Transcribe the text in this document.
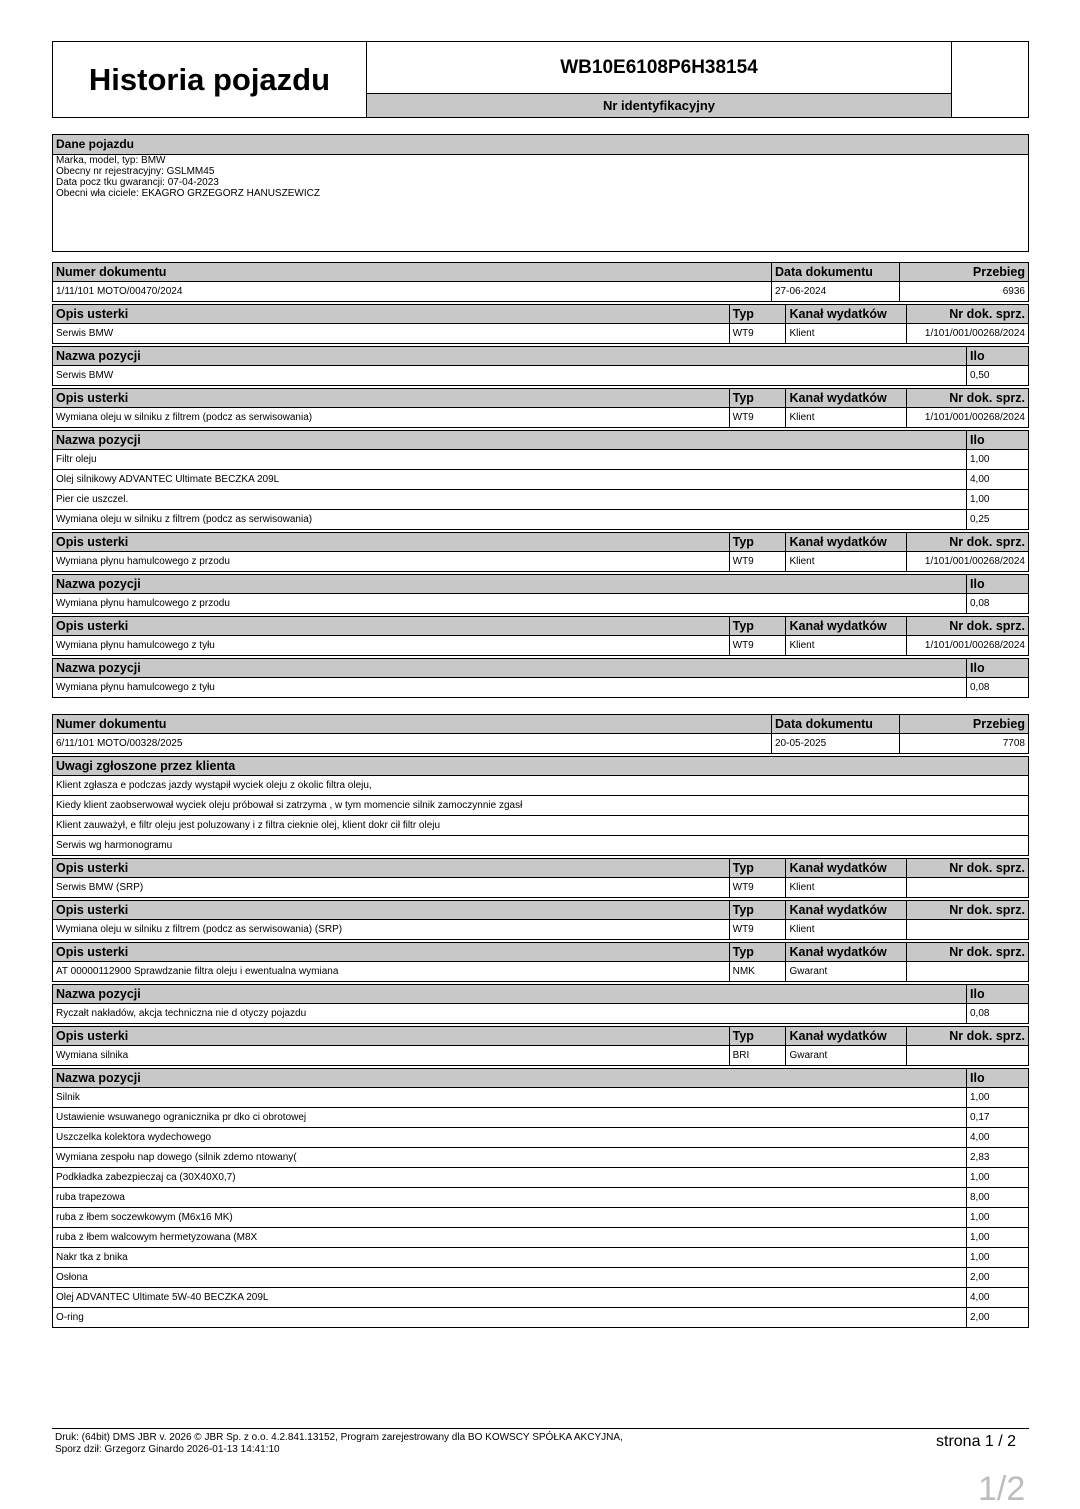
Historia pojazdu	WB10E6108P6H38154
Nr identyfikacyjny
Dane pojazdu
Marka, model, typ: BMW
Obecny nr rejestracyjny: GSLMM45
Data pocz tku gwarancji: 07-04-2023
Obecni wła ciciele: EKAGRO GRZEGORZ HANUSZEWICZ
Numer dokumentu	Data dokumentu	Przebieg
1/11/101 MOTO/00470/2024	27-06-2024	6936
Opis usterki	Typ	Kanał wydatków	Nr dok. sprz.
Serwis BMW	WT9	Klient	1/101/001/00268/2024
Nazwa pozycji	Ilo
Serwis BMW	0,50
Opis usterki	Typ	Kanał wydatków	Nr dok. sprz.
Wymiana oleju w silniku z filtrem (podcz as serwisowania)	WT9	Klient	1/101/001/00268/2024
Nazwa pozycji	Ilo
Filtr oleju	1,00
Olej silnikowy ADVANTEC Ultimate BECZKA 209L	4,00
Pier cie uszczel.	1,00
Wymiana oleju w silniku z filtrem (podcz as serwisowania)	0,25
Opis usterki	Typ	Kanał wydatków	Nr dok. sprz.
Wymiana płynu hamulcowego z przodu	WT9	Klient	1/101/001/00268/2024
Nazwa pozycji	Ilo
Wymiana płynu hamulcowego z przodu	0,08
Opis usterki	Typ	Kanał wydatków	Nr dok. sprz.
Wymiana płynu hamulcowego z tyłu	WT9	Klient	1/101/001/00268/2024
Nazwa pozycji	Ilo
Wymiana płynu hamulcowego z tyłu	0,08
Numer dokumentu	Data dokumentu	Przebieg
6/11/101 MOTO/00328/2025	20-05-2025	7708
Uwagi zgłoszone przez klienta
Klient zgłasza e podczas jazdy wystąpił wyciek oleju z okolic filtra oleju,
Kiedy klient zaobserwował wyciek oleju próbował si zatrzyma , w tym momencie silnik zamoczynnie zgasł
Klient zauważył, e filtr oleju jest poluzowany i z filtra cieknie olej, klient dokr cił filtr oleju
Serwis wg harmonogramu
Opis usterki	Typ	Kanał wydatków	Nr dok. sprz.
Serwis BMW (SRP)	WT9	Klient
Opis usterki	Typ	Kanał wydatków	Nr dok. sprz.
Wymiana oleju w silniku z filtrem (podcz as serwisowania) (SRP)	WT9	Klient
Opis usterki	Typ	Kanał wydatków	Nr dok. sprz.
AT 00000112900 Sprawdzanie filtra oleju i ewentualna wymiana	NMK	Gwarant
Nazwa pozycji	Ilo
Ryczałt nakładów, akcja techniczna nie d otyczy pojazdu	0,08
Opis usterki	Typ	Kanał wydatków	Nr dok. sprz.
Wymiana silnika	BRI	Gwarant
Nazwa pozycji	Ilo
Silnik	1,00
Ustawienie wsuwanego ogranicznika pr dko ci obrotowej	0,17
Uszczelka kolektora wydechowego	4,00
Wymiana zespołu nap dowego (silnik zdemo ntowany(	2,83
Podkładka zabezpieczaj ca (30X40X0,7)	1,00
ruba trapezowa	8,00
ruba z łbem soczewkowym (M6x16 MK)	1,00
ruba z łbem walcowym hermetyzowana (M8X	1,00
Nakr tka z bnika	1,00
Osłona	2,00
Olej ADVANTEC Ultimate 5W-40 BECZKA 209L	4,00
O-ring	2,00
Druk: (64bit) DMS JBR v. 2026 © JBR Sp. z o.o. 4.2.841.13152, Program zarejestrowany dla BO KOWSCY SPÓŁKA AKCYJNA,
Sporz dził: Grzegorz Ginardo 2026-01-13 14:41:10	strona 1 / 2
1/2
